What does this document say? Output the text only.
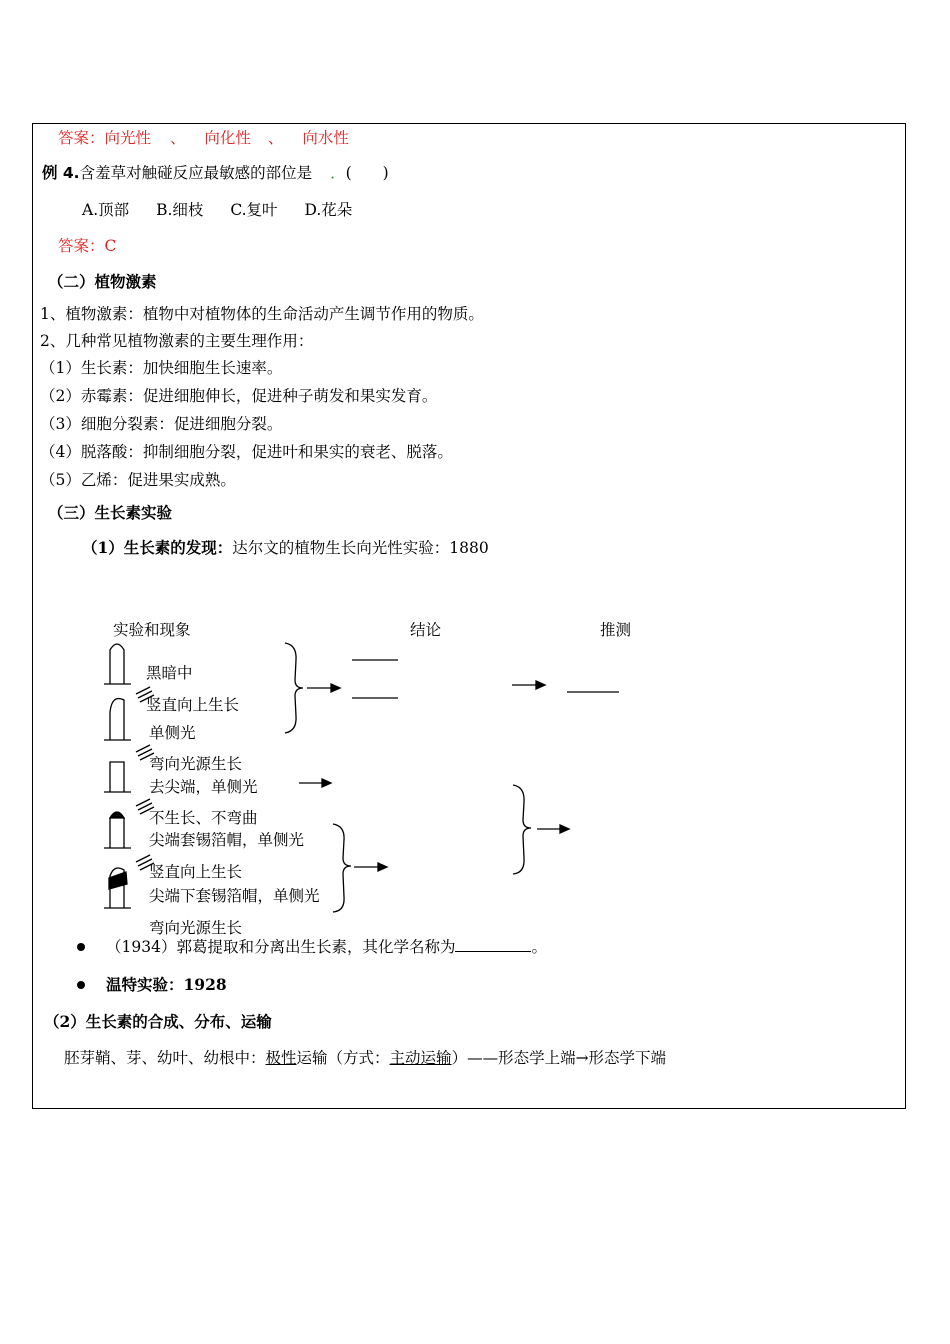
答案：向光性 、 向化性 、 向水性
例 4.含羞草对触碰反应最敏感的部位是 ．(　　)
A.顶部 B.细枝 C.复叶 D.花朵
答案：C
（二）植物激素
1、植物激素：植物中对植物体的生命活动产生调节作用的物质。
2、几种常见植物激素的主要生理作用：
（1）生长素：加快细胞生长速率。
（2）赤霉素：促进细胞伸长，促进种子萌发和果实发育。
（3）细胞分裂素：促进细胞分裂。
（4）脱落酸：抑制细胞分裂，促进叶和果实的衰老、脱落。
（5）乙烯：促进果实成熟。
（三）生长素实验
（1）生长素的发现：达尔文的植物生长向光性实验：1880
实验和现象	结论	推测
黑暗中
竖直向上生长
单侧光
弯向光源生长
去尖端，单侧光
不生长、不弯曲
尖端套锡箔帽，单侧光
竖直向上生长
尖端下套锡箔帽，单侧光
弯向光源生长
（1934）郭葛提取和分离出生长素，其化学名称为	。
温特实验：1928
（2）生长素的合成、分布、运输
胚芽鞘、芽、幼叶、幼根中：极性运输（方式：主动运输）——形态学上端→形态学下端
